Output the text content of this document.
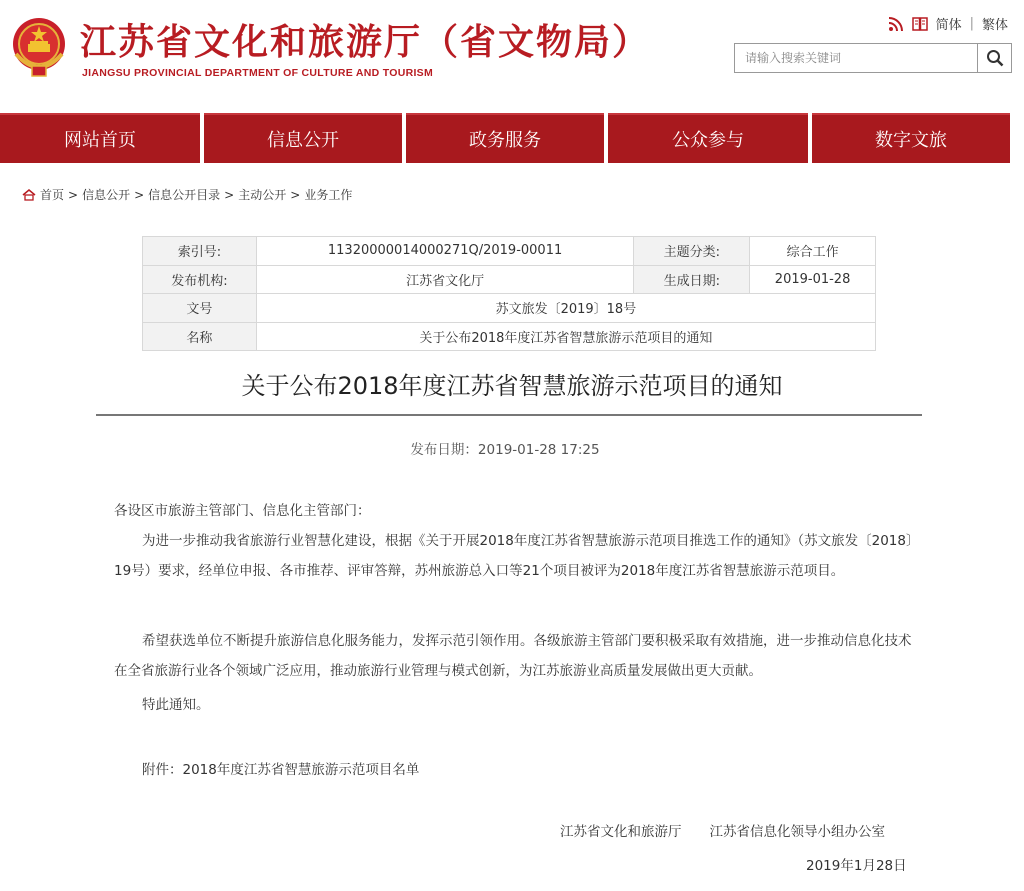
江苏省文化和旅游厅（省文物局）
JIANGSU PROVINCIAL DEPARTMENT OF CULTURE AND TOURISM
简体 | 繁体
请输入搜索关键词
网站首页	信息公开	政务服务	公众参与	数字文旅
首页 > 信息公开 > 信息公开目录 > 主动公开 > 业务工作
索引号:	11320000014000271Q/2019-00011	主题分类:	综合工作
发布机构:	江苏省文化厅	生成日期:	2019-01-28
文号	苏文旅发〔2019〕18号		
名称	关于公布2018年度江苏省智慧旅游示范项目的通知		
关于公布2018年度江苏省智慧旅游示范项目的通知
发布日期：2019-01-28 17:25
各设区市旅游主管部门、信息化主管部门：
为进一步推动我省旅游行业智慧化建设，根据《关于开展2018年度江苏省智慧旅游示范项目推选工作的通知》（苏文旅发〔2018〕19号）要求，经单位申报、各市推荐、评审答辩，苏州旅游总入口等21个项目被评为2018年度江苏省智慧旅游示范项目。
希望获选单位不断提升旅游信息化服务能力，发挥示范引领作用。各级旅游主管部门要积极采取有效措施，进一步推动信息化技术在全省旅游行业各个领域广泛应用，推动旅游行业管理与模式创新，为江苏旅游业高质量发展做出更大贡献。
特此通知。
附件：2018年度江苏省智慧旅游示范项目名单
江苏省文化和旅游厅 江苏省信息化领导小组办公室
2019年1月28日
